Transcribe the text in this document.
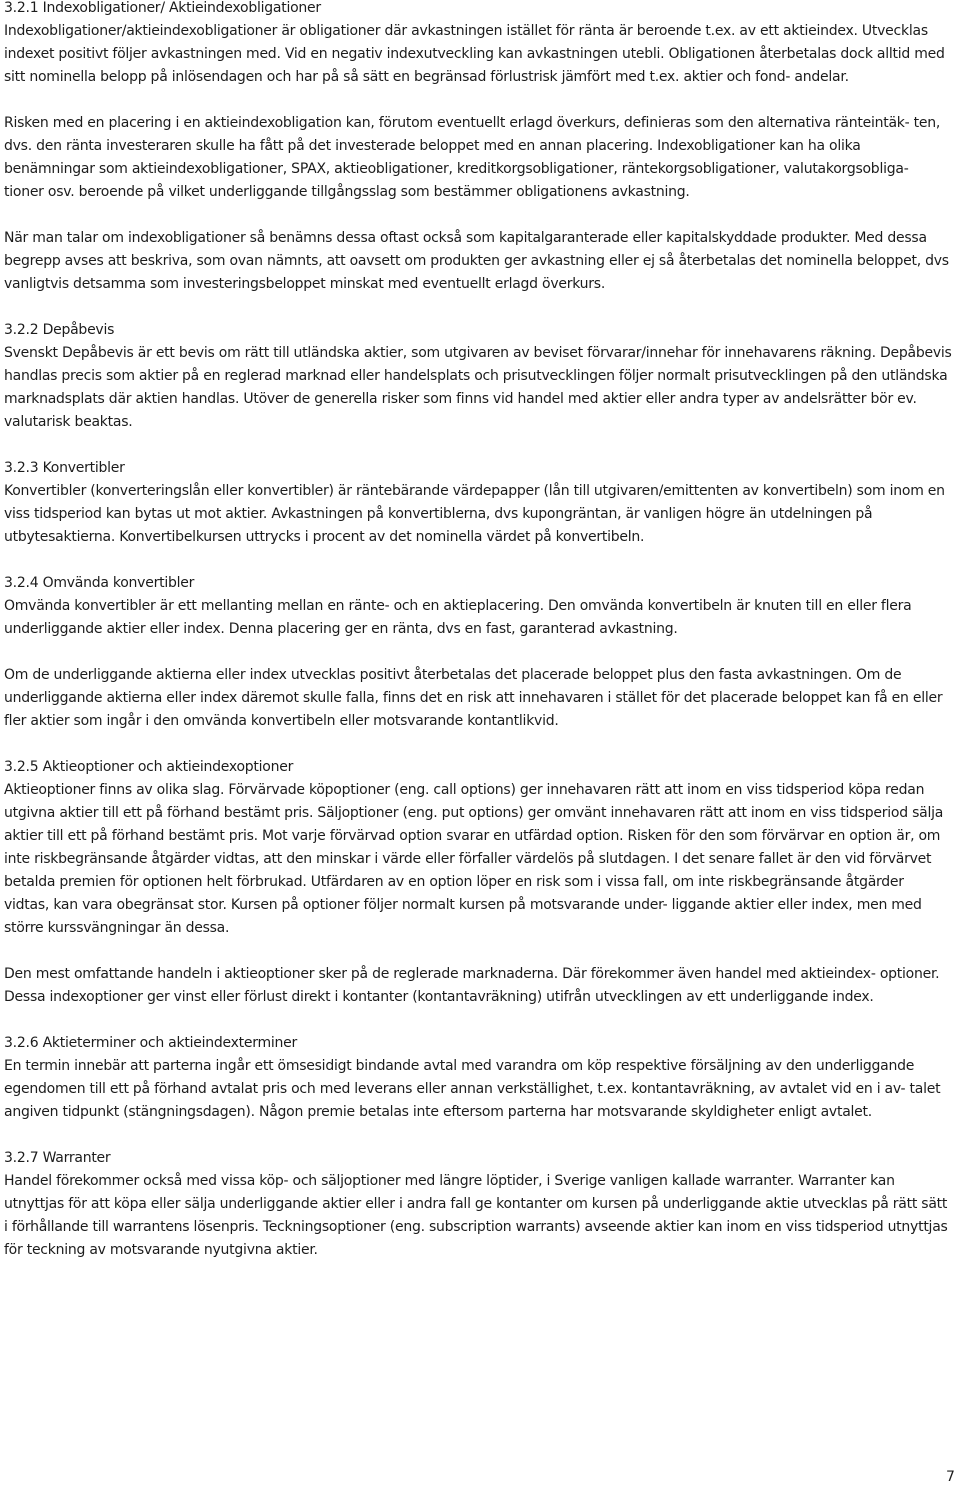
3.2.1 Indexobligationer/ Aktieindexobligationer

Indexobligationer/aktieindexobligationer är obligationer där avkastningen istället för ränta är beroende t.ex. av ett aktieindex. Utvecklas indexet positivt följer avkastningen med. Vid en negativ indexutveckling kan avkastningen utebli. Obligationen återbetalas dock alltid med sitt nominella belopp på inlösendagen och har på så sätt en begränsad förlustrisk jämfört med t.ex. aktier och fond- andelar.

Risken med en placering i en aktieindexobligation kan, förutom eventuellt erlagd överkurs, definieras som den alternativa ränteintäk- ten, dvs. den ränta investeraren skulle ha fått på det investerade beloppet med en annan placering. Indexobligationer kan ha olika benämningar som aktieindexobligationer, SPAX, aktieobligationer, kreditkorgsobligationer, räntekorgsobligationer, valutakorgsobliga- tioner osv. beroende på vilket underliggande tillgångsslag som bestämmer obligationens avkastning.

När man talar om indexobligationer så benämns dessa oftast också som kapitalgaranterade eller kapitalskyddade produkter. Med dessa begrepp avses att beskriva, som ovan nämnts, att oavsett om produkten ger avkastning eller ej så återbetalas det nominella beloppet, dvs vanligtvis detsamma som investeringsbeloppet minskat med eventuellt erlagd överkurs.

3.2.2 Depåbevis

Svenskt Depåbevis är ett bevis om rätt till utländska aktier, som utgivaren av beviset förvarar/innehar för innehavarens räkning. Depåbevis handlas precis som aktier på en reglerad marknad eller handelsplats och prisutvecklingen följer normalt prisutvecklingen på den utländska marknadsplats där aktien handlas. Utöver de generella risker som finns vid handel med aktier eller andra typer av andelsrätter bör ev. valutarisk beaktas.

3.2.3 Konvertibler

Konvertibler (konverteringslån eller konvertibler) är räntebärande värdepapper (lån till utgivaren/emittenten av konvertibeln) som inom en viss tidsperiod kan bytas ut mot aktier. Avkastningen på konvertiblerna, dvs kupongräntan, är vanligen högre än utdelningen på utbytesaktierna. Konvertibelkursen uttrycks i procent av det nominella värdet på konvertibeln.

3.2.4 Omvända konvertibler

Omvända konvertibler är ett mellanting mellan en ränte- och en aktieplacering. Den omvända konvertibeln är knuten till en eller flera underliggande aktier eller index. Denna placering ger en ränta, dvs en fast, garanterad avkastning.

Om de underliggande aktierna eller index utvecklas positivt återbetalas det placerade beloppet plus den fasta avkastningen. Om de underliggande aktierna eller index däremot skulle falla, finns det en risk att innehavaren i stället för det placerade beloppet kan få en eller fler aktier som ingår i den omvända konvertibeln eller motsvarande kontantlikvid.

3.2.5 Aktieoptioner och aktieindexoptioner

Aktieoptioner finns av olika slag. Förvärvade köpoptioner (eng. call options) ger innehavaren rätt att inom en viss tidsperiod köpa redan utgivna aktier till ett på förhand bestämt pris. Säljoptioner (eng. put options) ger omvänt innehavaren rätt att inom en viss tidsperiod sälja aktier till ett på förhand bestämt pris. Mot varje förvärvad option svarar en utfärdad option. Risken för den som förvärvar en option är, om inte riskbegränsande åtgärder vidtas, att den minskar i värde eller förfaller värdelös på slutdagen. I det senare fallet är den vid förvärvet betalda premien för optionen helt förbrukad. Utfärdaren av en option löper en risk som i vissa fall, om inte riskbegränsande åtgärder vidtas, kan vara obegränsat stor. Kursen på optioner följer normalt kursen på motsvarande under- liggande aktier eller index, men med större kurssvängningar än dessa.

Den mest omfattande handeln i aktieoptioner sker på de reglerade marknaderna. Där förekommer även handel med aktieindex- optioner. Dessa indexoptioner ger vinst eller förlust direkt i kontanter (kontantavräkning) utifrån utvecklingen av ett underliggande index.

3.2.6 Aktieterminer och aktieindexterminer

En termin innebär att parterna ingår ett ömsesidigt bindande avtal med varandra om köp respektive försäljning av den underliggande egendomen till ett på förhand avtalat pris och med leverans eller annan verkställighet, t.ex. kontantavräkning, av avtalet vid en i av- talet angiven tidpunkt (stängningsdagen). Någon premie betalas inte eftersom parterna har motsvarande skyldigheter enligt avtalet.

3.2.7 Warranter

Handel förekommer också med vissa köp- och säljoptioner med längre löptider, i Sverige vanligen kallade warranter. Warranter kan utnyttjas för att köpa eller sälja underliggande aktier eller i andra fall ge kontanter om kursen på underliggande aktie utvecklas på rätt sätt i förhållande till warrantens lösenpris. Teckningsoptioner (eng. subscription warrants) avseende aktier kan inom en viss tidsperiod utnyttjas för teckning av motsvarande nyutgivna aktier.

7
